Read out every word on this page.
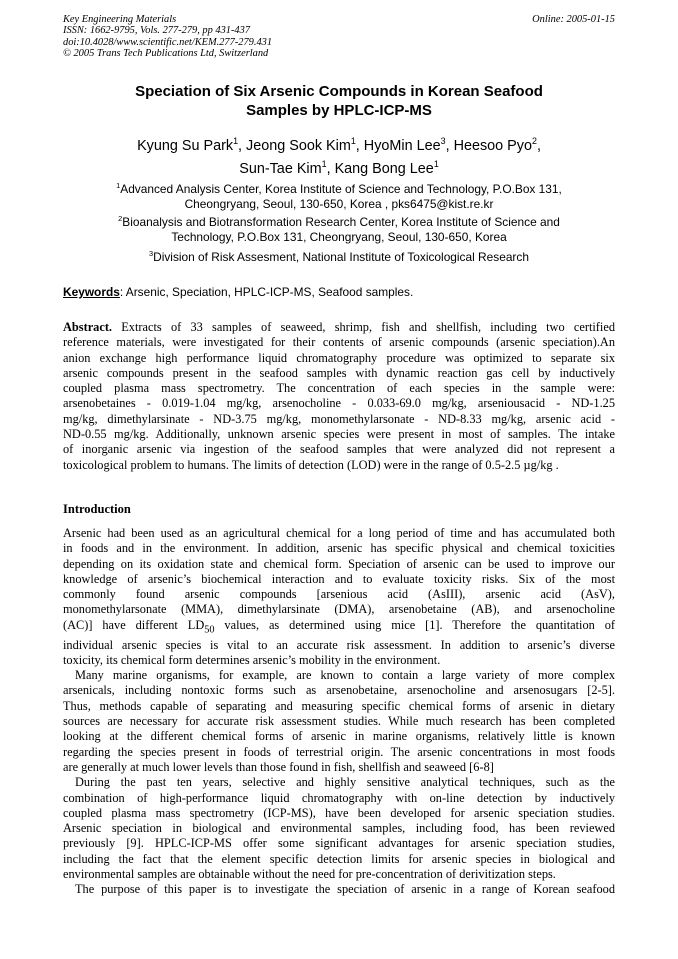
Key Engineering Materials
ISSN: 1662-9795, Vols. 277-279, pp 431-437
doi:10.4028/www.scientific.net/KEM.277-279.431
© 2005 Trans Tech Publications Ltd, Switzerland
Online: 2005-01-15
Speciation of Six Arsenic Compounds in Korean Seafood
Samples by HPLC-ICP-MS
Kyung Su Park$^1$, Jeong Sook Kim$^1$, HyoMin Lee$^3$, Heesoo Pyo$^2$,
Sun-Tae Kim$^1$, Kang Bong Lee$^1$
$^1$Advanced Analysis Center, Korea Institute of Science and Technology, P.O.Box 131,
Cheongryang, Seoul, 130-650, Korea , pks6475@kist.re.kr
$^2$Bioanalysis and Biotransformation Research Center, Korea Institute of Science and
Technology, P.O.Box 131, Cheongryang, Seoul, 130-650, Korea
$^3$Division of Risk Assesment, National Institute of Toxicological Research
Keywords: Arsenic, Speciation, HPLC-ICP-MS, Seafood samples.
Abstract. Extracts of 33 samples of seaweed, shrimp, fish and shellfish, including two certified
reference materials, were investigated for their contents of arsenic compounds (arsenic speciation).An
anion exchange high performance liquid chromatography procedure was optimized to separate six
arsenic compounds present in the seafood samples with dynamic reaction gas cell by inductively
coupled plasma mass spectrometry. The concentration of each species in the sample were:
arsenobetaines - 0.019-1.04 mg/kg, arsenocholine - 0.033-69.0 mg/kg, arseniousacid - ND-1.25
mg/kg, dimethylarsinate - ND-3.75 mg/kg, monomethylarsonate - ND-8.33 mg/kg, arsenic acid -
ND-0.55 mg/kg. Additionally, unknown arsenic species were present in most of samples. The intake
of inorganic arsenic via ingestion of the seafood samples that were analyzed did not represent a
toxicological problem to humans. The limits of detection (LOD) were in the range of 0.5-2.5 µg/kg .
Introduction
Arsenic had been used as an agricultural chemical for a long period of time and has accumulated both
in foods and in the environment. In addition, arsenic has specific physical and chemical toxicities
depending on its oxidation state and chemical form. Speciation of arsenic can be used to improve our
knowledge of arsenic’s biochemical interaction and to evaluate toxicity risks. Six of the most
commonly found arsenic compounds [arsenious acid (AsIII), arsenic acid (AsV),
monomethylarsonate (MMA), dimethylarsinate (DMA), arsenobetaine (AB), and arsenocholine
(AC)] have different $LD_{50}$ values, as determined using mice [1]. Therefore the quantitation of
individual arsenic species is vital to an accurate risk assessment. In addition to arsenic’s diverse
toxicity, its chemical form determines arsenic’s mobility in the environment.
Many marine organisms, for example, are known to contain a large variety of more complex
arsenicals, including nontoxic forms such as arsenobetaine, arsenocholine and arsenosugars [2-5].
Thus, methods capable of separating and measuring specific chemical forms of arsenic in dietary
sources are necessary for accurate risk assessment studies. While much research has been completed
looking at the different chemical forms of arsenic in marine organisms, relatively little is known
regarding the species present in foods of terrestrial origin. The arsenic concentrations in most foods
are generally at much lower levels than those found in fish, shellfish and seaweed [6-8]
During the past ten years, selective and highly sensitive analytical techniques, such as the
combination of high-performance liquid chromatography with on-line detection by inductively
coupled plasma mass spectrometry (ICP-MS), have been developed for arsenic speciation studies.
Arsenic speciation in biological and environmental samples, including food, has been reviewed
previously [9]. HPLC-ICP-MS offer some significant advantages for arsenic speciation studies,
including the fact that the element specific detection limits for arsenic species in biological and
environmental samples are obtainable without the need for pre-concentration of derivitization steps.
The purpose of this paper is to investigate the speciation of arsenic in a range of Korean seafood
